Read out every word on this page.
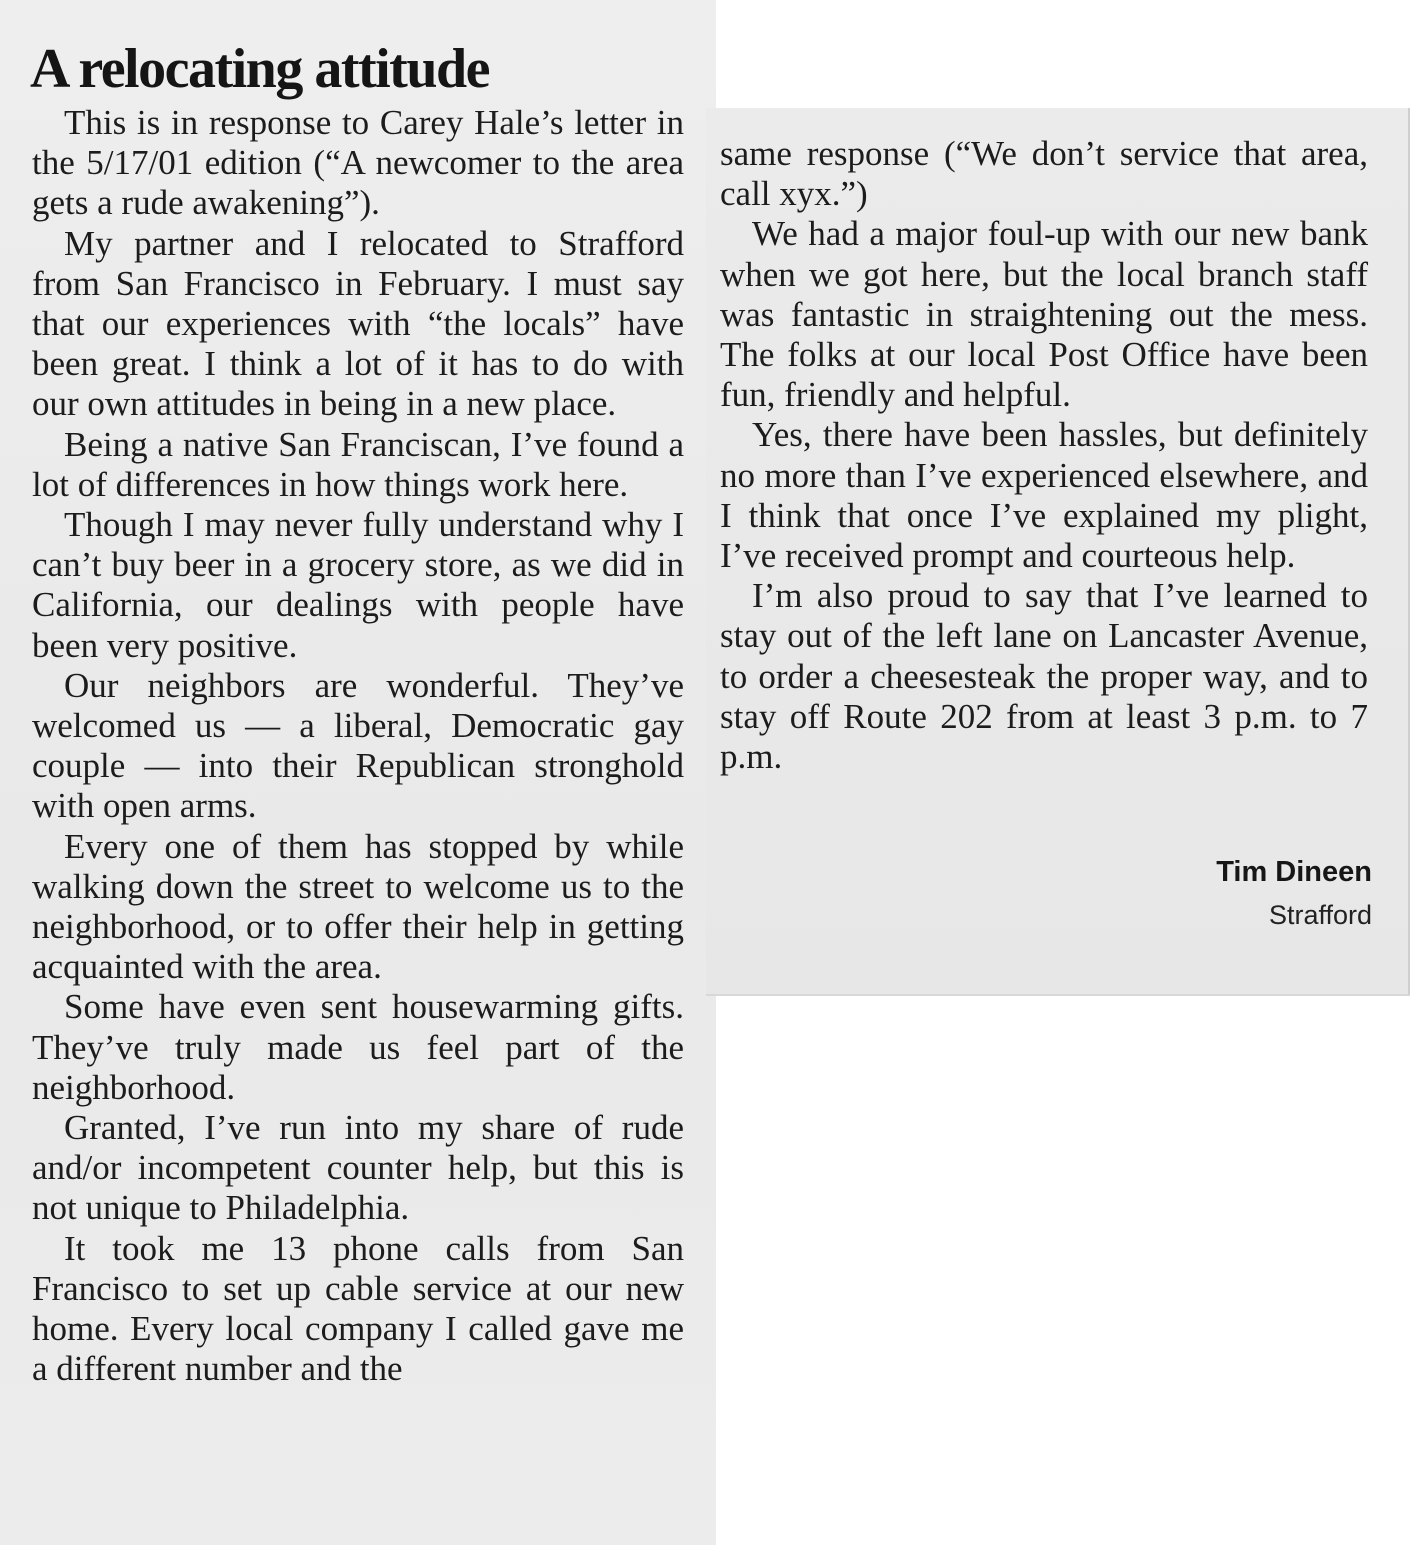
A relocating attitude

This is in response to Carey Hale’s letter in the 5/17/01 edition (“A newcomer to the area gets a rude awakening”).

My partner and I relocated to Strafford from San Francisco in February. I must say that our experiences with “the locals” have been great. I think a lot of it has to do with our own attitudes in being in a new place.

Being a native San Franciscan, I’ve found a lot of differences in how things work here.

Though I may never fully understand why I can’t buy beer in a grocery store, as we did in California, our dealings with people have been very positive.

Our neighbors are wonderful. They’ve welcomed us — a liberal, Democratic gay couple — into their Republican stronghold with open arms.

Every one of them has stopped by while walking down the street to welcome us to the neighborhood, or to offer their help in getting acquainted with the area.

Some have even sent housewarming gifts. They’ve truly made us feel part of the neighborhood.

Granted, I’ve run into my share of rude and/or incompetent counter help, but this is not unique to Philadelphia.

It took me 13 phone calls from San Francisco to set up cable service at our new home. Every local company I called gave me a different number and the

same response (“We don’t service that area, call xyx.”)

We had a major foul-up with our new bank when we got here, but the local branch staff was fantastic in straightening out the mess. The folks at our local Post Office have been fun, friendly and helpful.

Yes, there have been hassles, but definitely no more than I’ve experienced elsewhere, and I think that once I’ve explained my plight, I’ve received prompt and courteous help.

I’m also proud to say that I’ve learned to stay out of the left lane on Lancaster Avenue, to order a cheesesteak the proper way, and to stay off Route 202 from at least 3 p.m. to 7 p.m.

Tim Dineen
Strafford
